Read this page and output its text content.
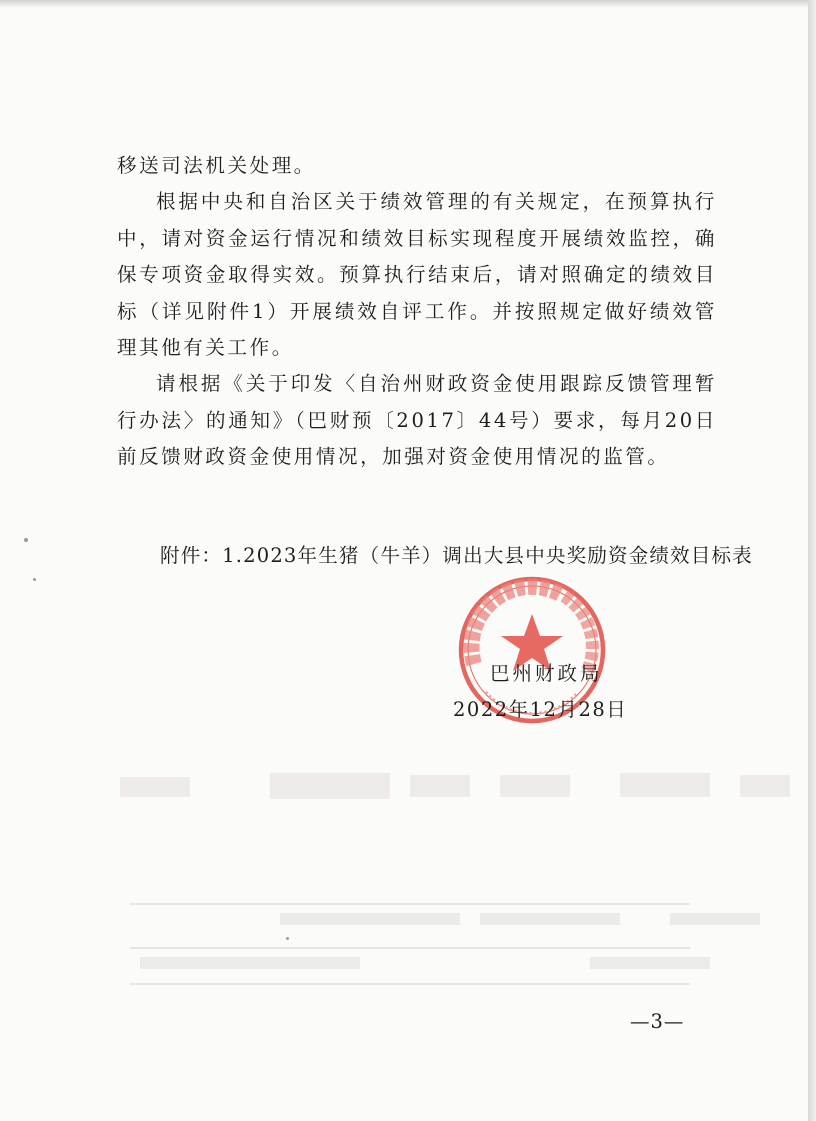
移送司法机关处理。

根据中央和自治区关于绩效管理的有关规定，在预算执行中，请对资金运行情况和绩效目标实现程度开展绩效监控，确保专项资金取得实效。预算执行结束后，请对照确定的绩效目标（详见附件1）开展绩效自评工作。并按照规定做好绩效管理其他有关工作。

请根据《关于印发〈自治州财政资金使用跟踪反馈管理暂行办法〉的通知》（巴财预〔2017〕44号）要求，每月20日前反馈财政资金使用情况，加强对资金使用情况的监管。

附件：1.2023年生猪（牛羊）调出大县中央奖励资金绩效目标表
巴州财政局
2022年12月28日
—3—
